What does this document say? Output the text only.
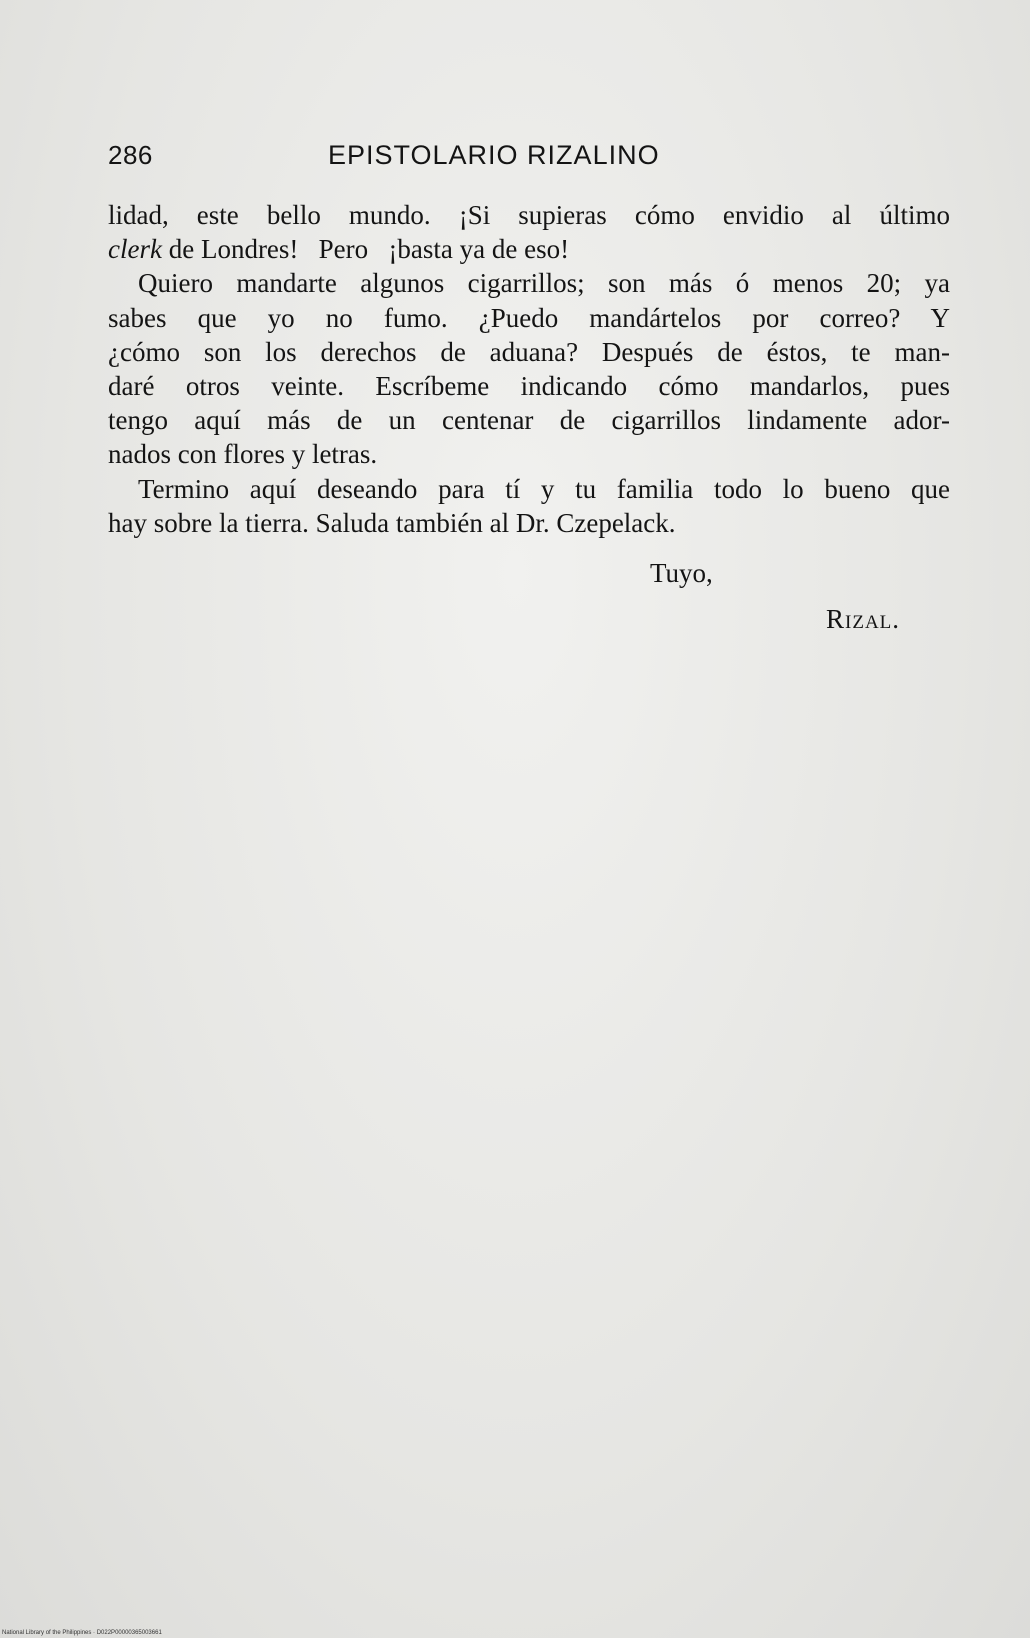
286	EPISTOLARIO RIZALINO
lidad, este bello mundo. ¡Si supieras cómo envidio al último
clerk de Londres!   Pero   ¡basta ya de eso!
Quiero mandarte algunos cigarrillos; son más ó menos 20; ya
sabes que yo no fumo. ¿Puedo mandártelos por correo? Y
¿cómo son los derechos de aduana? Después de éstos, te man-
daré otros veinte. Escríbeme indicando cómo mandarlos, pues
tengo aquí más de un centenar de cigarrillos lindamente ador-
nados con flores y letras.
Termino aquí deseando para tí y tu familia todo lo bueno que
hay sobre la tierra. Saluda también al Dr. Czepelack.
Tuyo,
Rizal.
National Library of the Philippines · D022P00000365003661
